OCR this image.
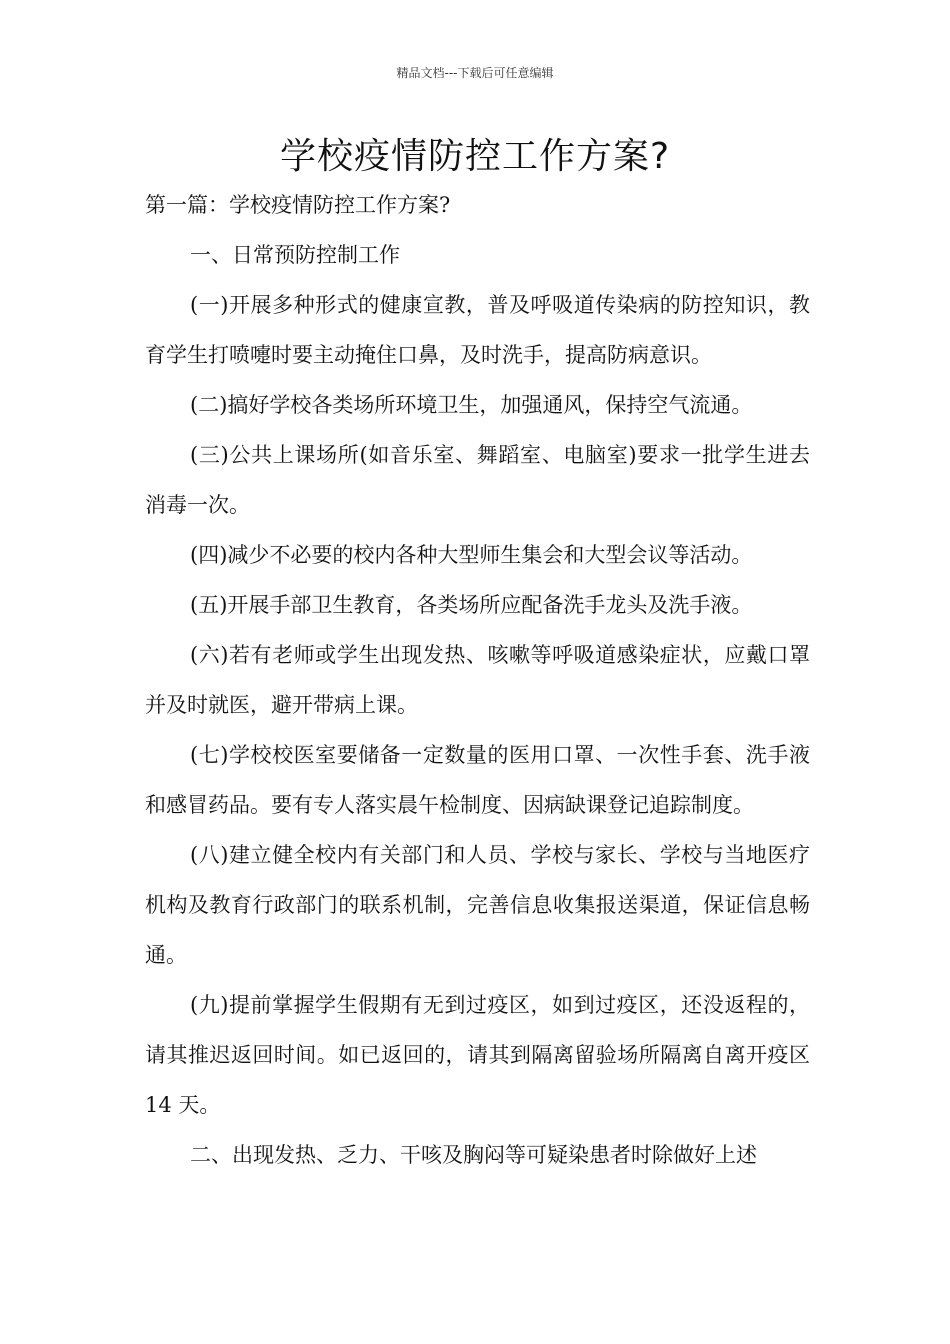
精品文档---下载后可任意编辑
学校疫情防控工作方案?

第一篇：学校疫情防控工作方案?

一、日常预防控制工作

(一)开展多种形式的健康宣教，普及呼吸道传染病的防控知识，教育学生打喷嚏时要主动掩住口鼻，及时洗手，提高防病意识。

(二)搞好学校各类场所环境卫生，加强通风，保持空气流通。

(三)公共上课场所(如音乐室、舞蹈室、电脑室)要求一批学生进去消毒一次。

(四)减少不必要的校内各种大型师生集会和大型会议等活动。

(五)开展手部卫生教育，各类场所应配备洗手龙头及洗手液。

(六)若有老师或学生出现发热、咳嗽等呼吸道感染症状，应戴口罩并及时就医，避开带病上课。

(七)学校校医室要储备一定数量的医用口罩、一次性手套、洗手液和感冒药品。要有专人落实晨午检制度、因病缺课登记追踪制度。

(八)建立健全校内有关部门和人员、学校与家长、学校与当地医疗机构及教育行政部门的联系机制，完善信息收集报送渠道，保证信息畅通。

(九)提前掌握学生假期有无到过疫区，如到过疫区，还没返程的，请其推迟返回时间。如已返回的，请其到隔离留验场所隔离自离开疫区 14 天。

二、出现发热、乏力、干咳及胸闷等可疑染患者时除做好上述
